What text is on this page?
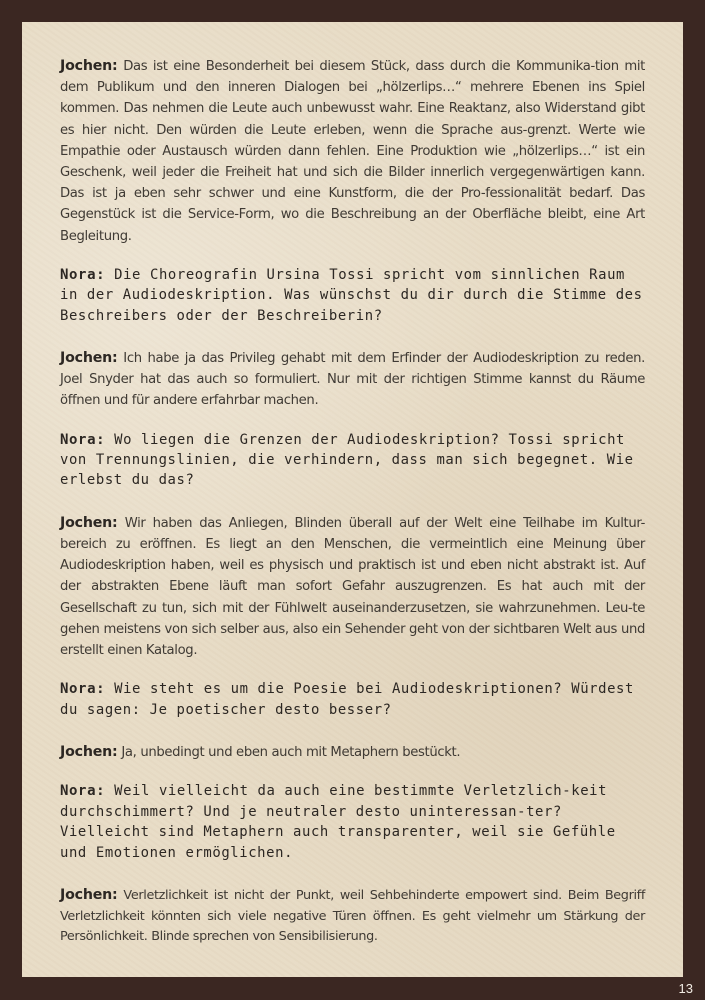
Jochen: Das ist eine Besonderheit bei diesem Stück, dass durch die Kommunika-tion mit dem Publikum und den inneren Dialogen bei „hölzerlips…“ mehrere Ebenen ins Spiel kommen. Das nehmen die Leute auch unbewusst wahr. Eine Reaktanz, also Widerstand gibt es hier nicht. Den würden die Leute erleben, wenn die Sprache aus-grenzt. Werte wie Empathie oder Austausch würden dann fehlen. Eine Produktion wie „hölzerlips…“ ist ein Geschenk, weil jeder die Freiheit hat und sich die Bilder innerlich vergegenwärtigen kann. Das ist ja eben sehr schwer und eine Kunstform, die der Pro-fessionalität bedarf. Das Gegenstück ist die Service-Form, wo die Beschreibung an der Oberfläche bleibt, eine Art Begleitung.

Nora: Die Choreografin Ursina Tossi spricht vom sinnlichen Raum in der Audiodeskription. Was wünschst du dir durch die Stimme des Beschreibers oder der Beschreiberin?

Jochen: Ich habe ja das Privileg gehabt mit dem Erfinder der Audiodeskription zu reden. Joel Snyder hat das auch so formuliert. Nur mit der richtigen Stimme kannst du Räume öffnen und für andere erfahrbar machen.

Nora: Wo liegen die Grenzen der Audiodeskription? Tossi spricht von Trennungslinien, die verhindern, dass man sich begegnet. Wie erlebst du das?

Jochen: Wir haben das Anliegen, Blinden überall auf der Welt eine Teilhabe im Kultur-bereich zu eröffnen. Es liegt an den Menschen, die vermeintlich eine Meinung über Audiodeskription haben, weil es physisch und praktisch ist und eben nicht abstrakt ist. Auf der abstrakten Ebene läuft man sofort Gefahr auszugrenzen. Es hat auch mit der Gesellschaft zu tun, sich mit der Fühlwelt auseinanderzusetzen, sie wahrzunehmen. Leu-te gehen meistens von sich selber aus, also ein Sehender geht von der sichtbaren Welt aus und erstellt einen Katalog.

Nora: Wie steht es um die Poesie bei Audiodeskriptionen? Würdest du sagen: Je poetischer desto besser?

Jochen: Ja, unbedingt und eben auch mit Metaphern bestückt.

Nora: Weil vielleicht da auch eine bestimmte Verletzlich-keit durchschimmert? Und je neutraler desto uninteressan-ter? Vielleicht sind Metaphern auch transparenter, weil sie Gefühle und Emotionen ermöglichen.

Jochen: Verletzlichkeit ist nicht der Punkt, weil Sehbehinderte empowert sind. Beim Begriff Verletzlichkeit könnten sich viele negative Türen öffnen. Es geht vielmehr um Stärkung der Persönlichkeit. Blinde sprechen von Sensibilisierung.

13
